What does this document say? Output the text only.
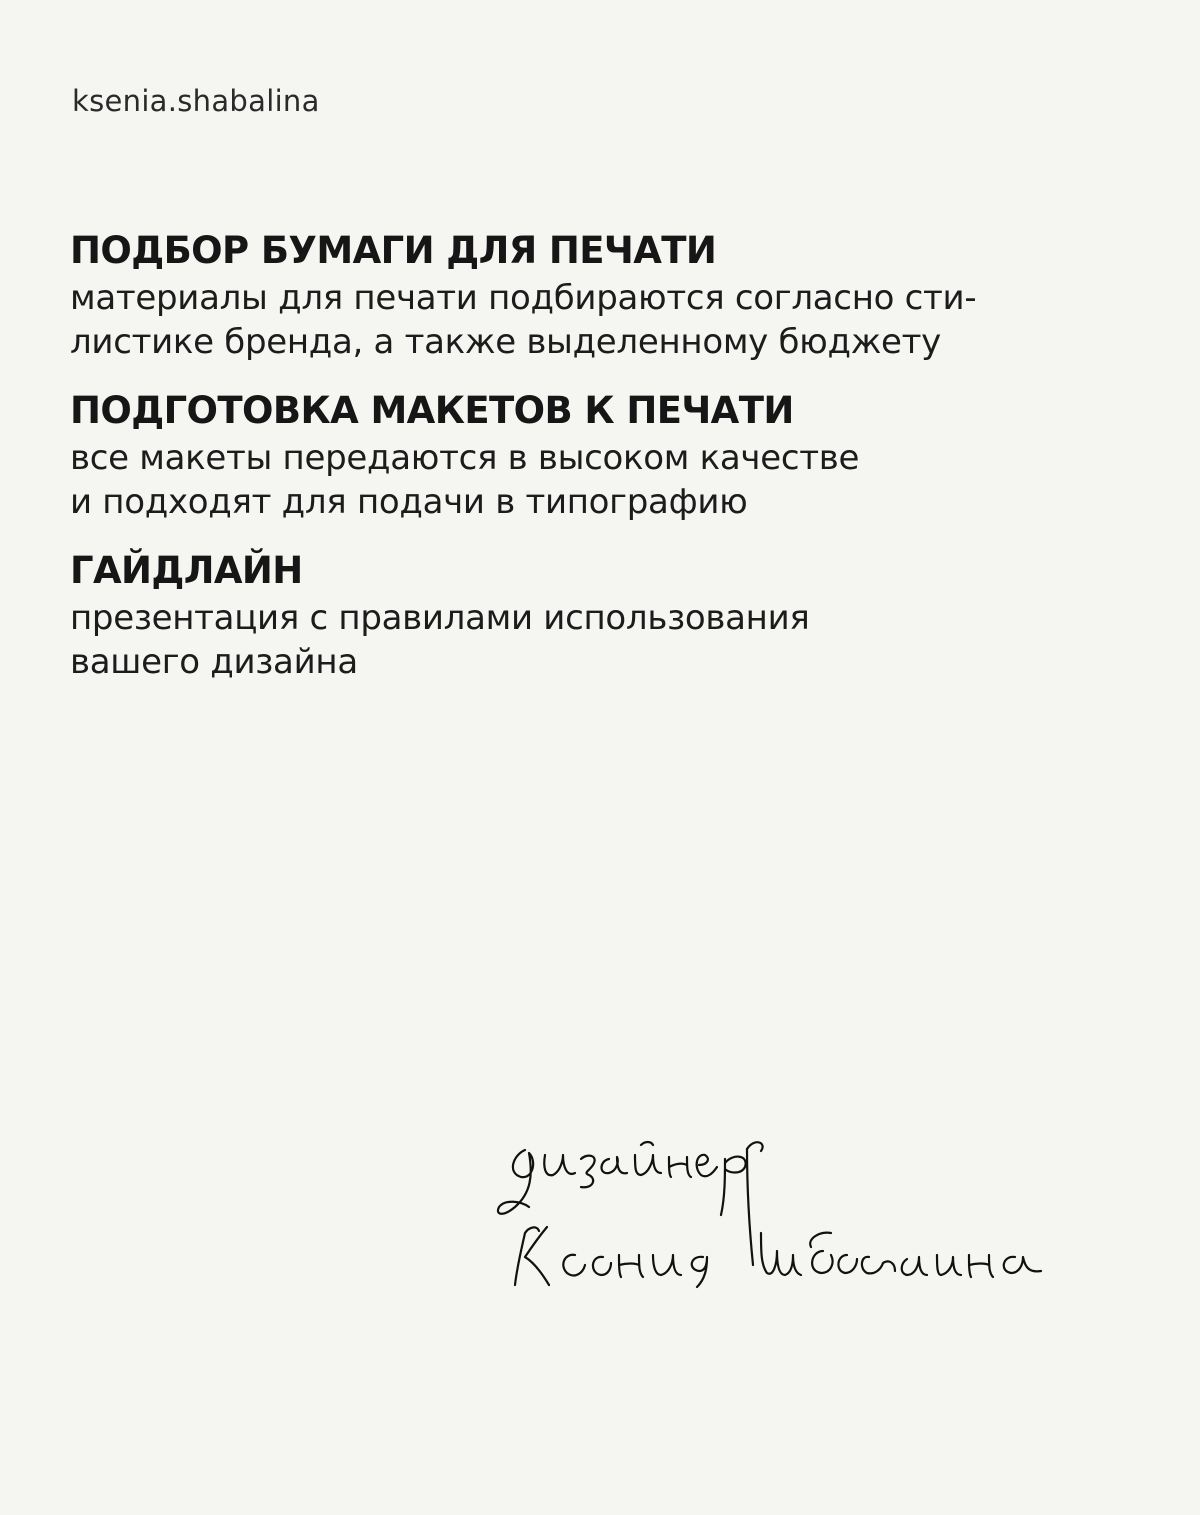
ksenia.shabalina
ПОДБОР БУМАГИ ДЛЯ ПЕЧАТИ

материалы для печати подбираются согласно сти-
листике бренда, а также выделенному бюджету

ПОДГОТОВКА МАКЕТОВ К ПЕЧАТИ

все макеты передаются в высоком качестве
и подходят для подачи в типографию

ГАЙДЛАЙН

презентация с правилами использования
вашего дизайна
